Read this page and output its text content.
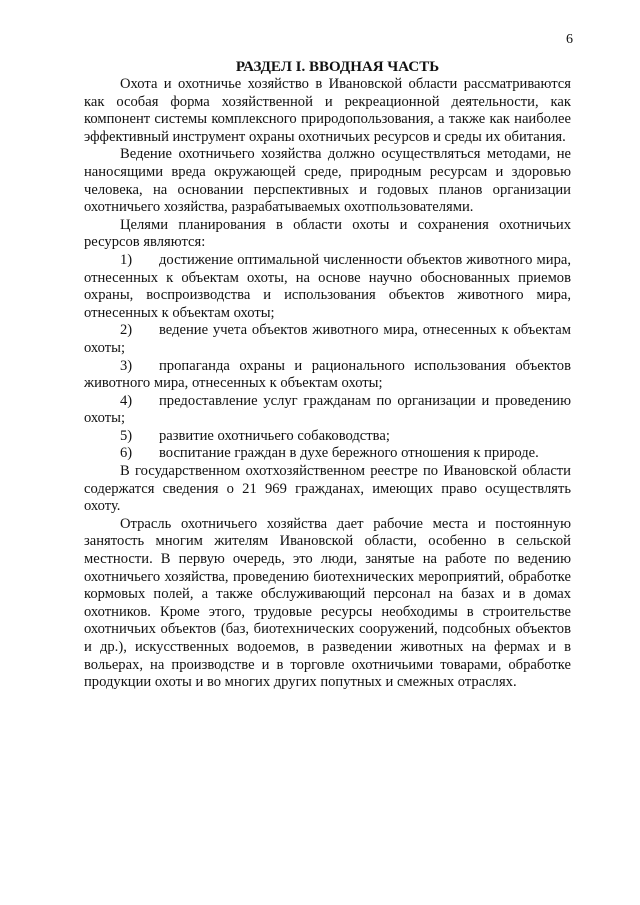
6

РАЗДЕЛ I. ВВОДНАЯ ЧАСТЬ

Охота и охотничье хозяйство в Ивановской области рассматриваются как особая форма хозяйственной и рекреационной деятельности, как компонент системы комплексного природопользования, а также как наиболее эффективный инструмент охраны охотничьих ресурсов и среды их обитания.

Ведение охотничьего хозяйства должно осуществляться методами, не наносящими вреда окружающей среде, природным ресурсам и здоровью человека, на основании перспективных и годовых планов организации охотничьего хозяйства, разрабатываемых охотпользователями.

Целями планирования в области охоты и сохранения охотничьих ресурсов являются:

1) достижение оптимальной численности объектов животного мира, отнесенных к объектам охоты, на основе научно обоснованных приемов охраны, воспроизводства и использования объектов животного мира, отнесенных к объектам охоты;

2) ведение учета объектов животного мира, отнесенных к объектам охоты;

3) пропаганда охраны и рационального использования объектов животного мира, отнесенных к объектам охоты;

4) предоставление услуг гражданам по организации и проведению охоты;

5) развитие охотничьего собаководства;

6) воспитание граждан в духе бережного отношения к природе.

В государственном охотхозяйственном реестре по Ивановской области содержатся сведения о 21 969 гражданах, имеющих право осуществлять охоту.

Отрасль охотничьего хозяйства дает рабочие места и постоянную занятость многим жителям Ивановской области, особенно в сельской местности. В первую очередь, это люди, занятые на работе по ведению охотничьего хозяйства, проведению биотехнических мероприятий, обработке кормовых полей, а также обслуживающий персонал на базах и в домах охотников. Кроме этого, трудовые ресурсы необходимы в строительстве охотничьих объектов (баз, биотехнических сооружений, подсобных объектов и др.), искусственных водоемов, в разведении животных на фермах и в вольерах, на производстве и в торговле охотничьими товарами, обработке продукции охоты и во многих других попутных и смежных отраслях.
